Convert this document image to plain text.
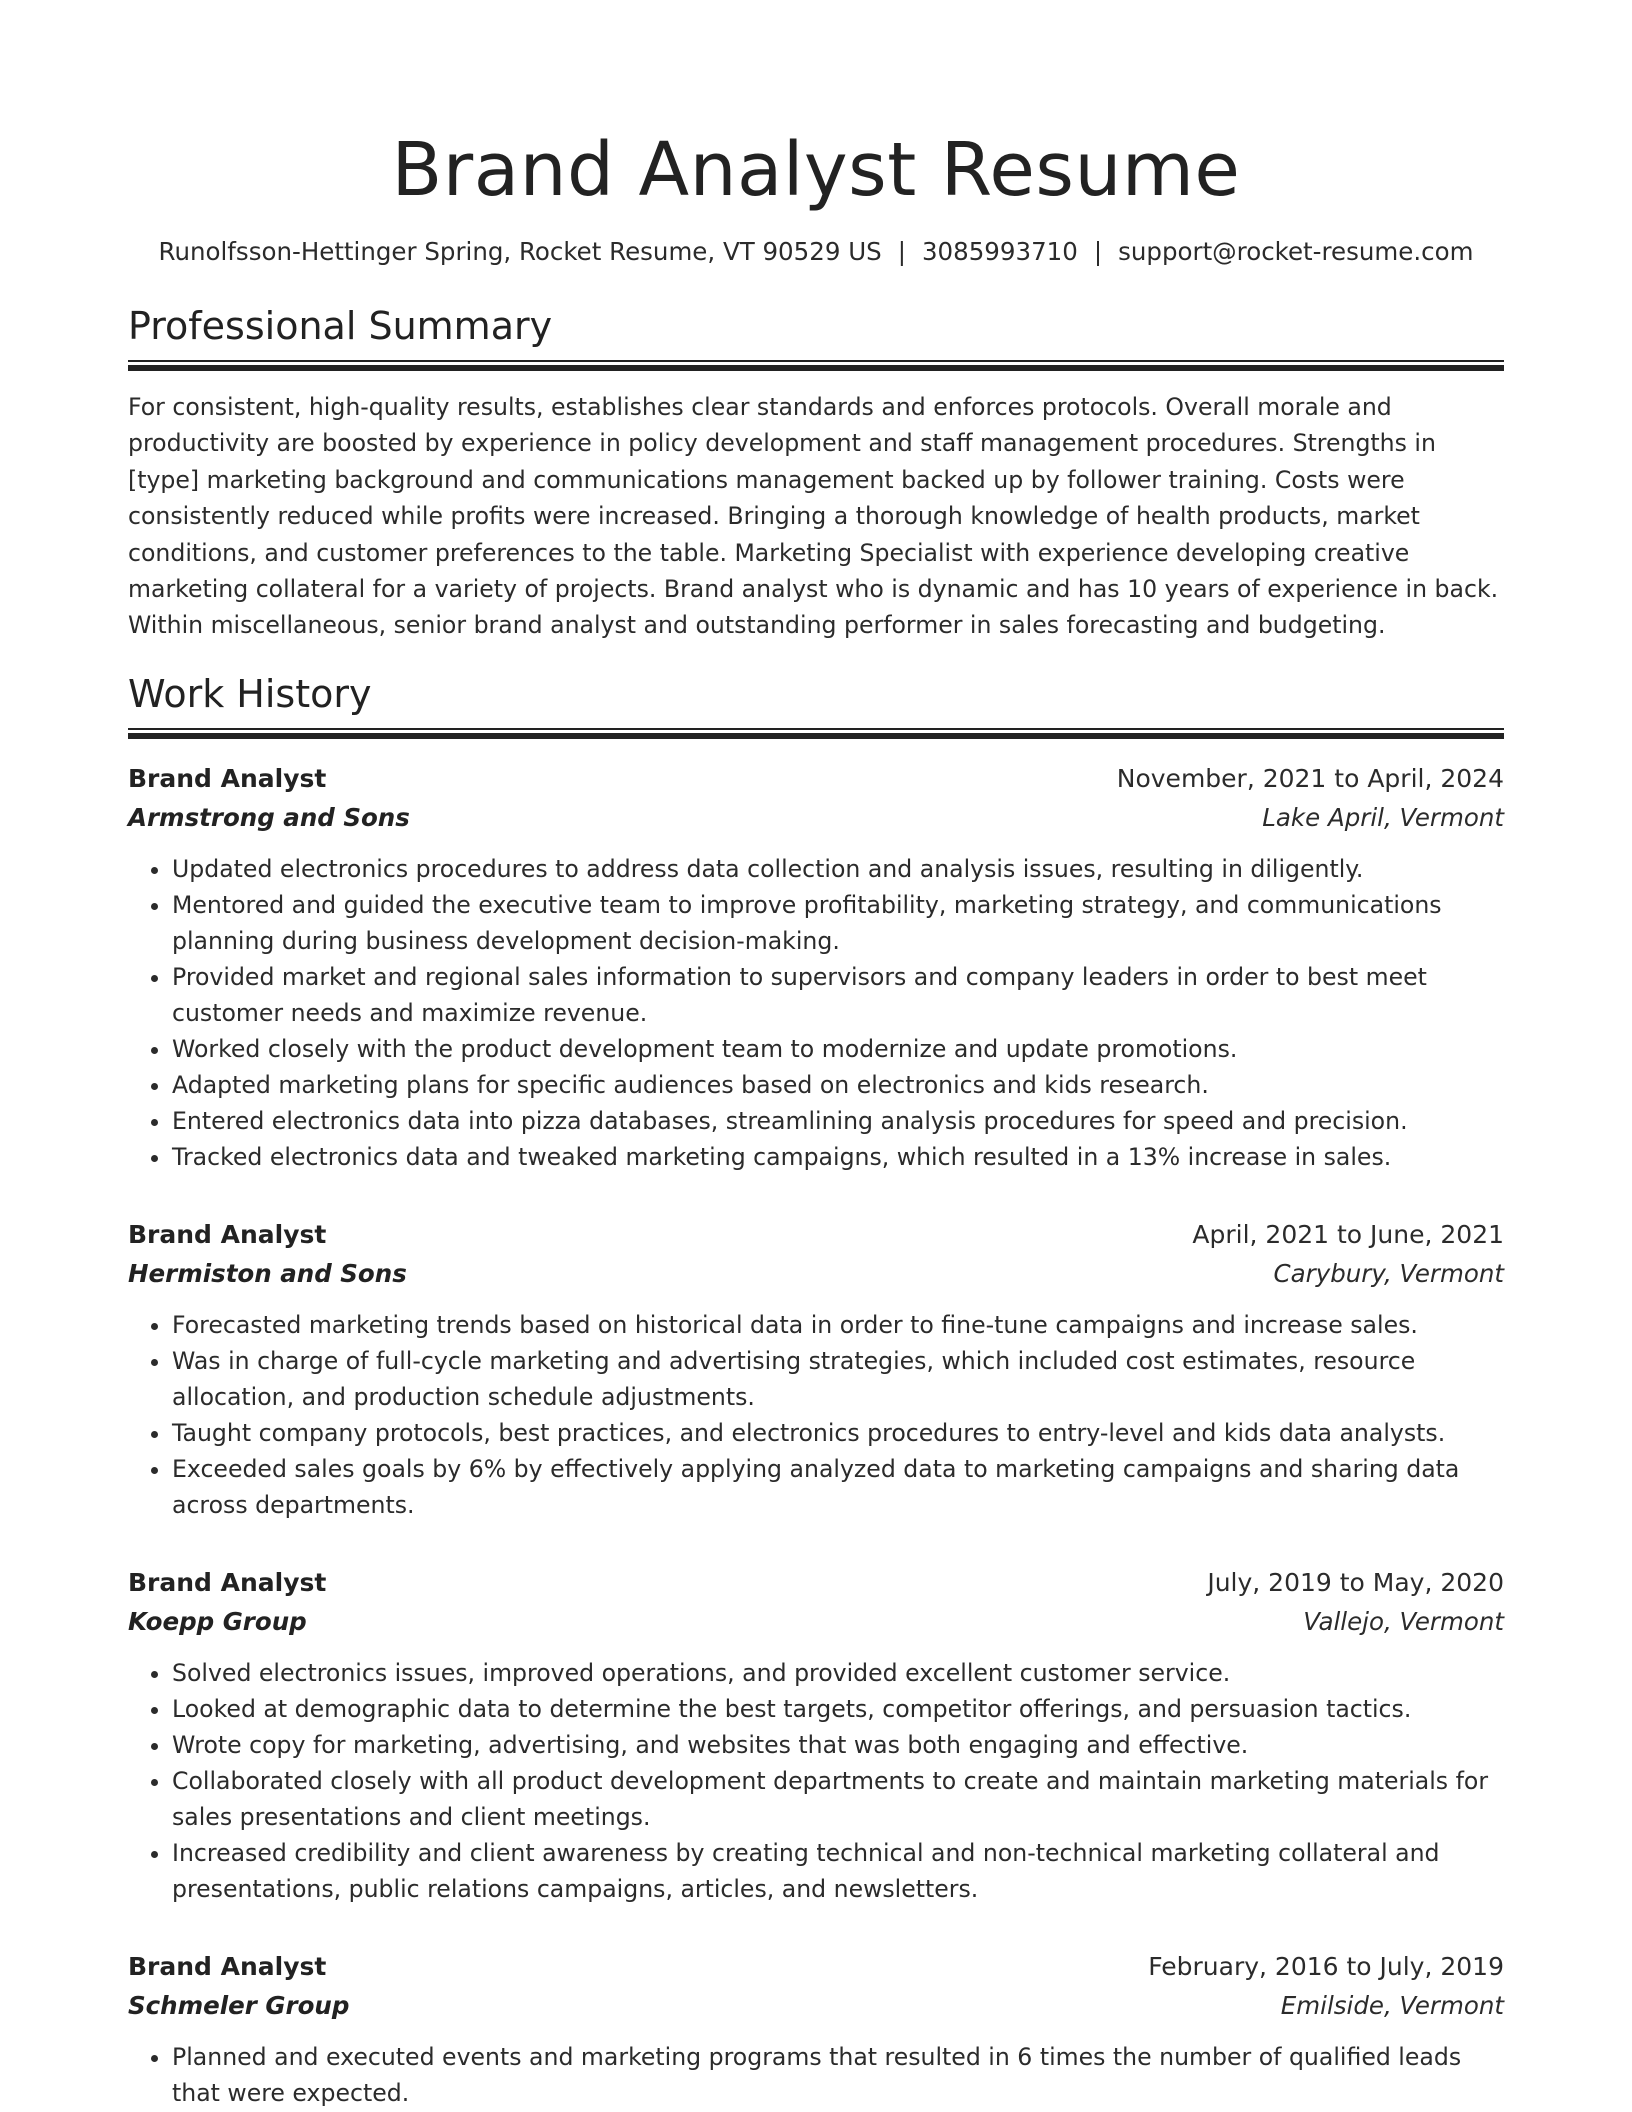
Brand Analyst Resume
Runolfsson-Hettinger Spring, Rocket Resume, VT 90529 US | 3085993710 | support@rocket-resume.com
Professional Summary
For consistent, high-quality results, establishes clear standards and enforces protocols. Overall morale and productivity are boosted by experience in policy development and staff management procedures. Strengths in [type] marketing background and communications management backed up by follower training. Costs were consistently reduced while profits were increased. Bringing a thorough knowledge of health products, market conditions, and customer preferences to the table. Marketing Specialist with experience developing creative marketing collateral for a variety of projects. Brand analyst who is dynamic and has 10 years of experience in back. Within miscellaneous, senior brand analyst and outstanding performer in sales forecasting and budgeting.
Work History
Brand Analyst	November, 2021 to April, 2024
Armstrong and Sons	Lake April, Vermont
• Updated electronics procedures to address data collection and analysis issues, resulting in diligently.
• Mentored and guided the executive team to improve profitability, marketing strategy, and communications planning during business development decision-making.
• Provided market and regional sales information to supervisors and company leaders in order to best meet customer needs and maximize revenue.
• Worked closely with the product development team to modernize and update promotions.
• Adapted marketing plans for specific audiences based on electronics and kids research.
• Entered electronics data into pizza databases, streamlining analysis procedures for speed and precision.
• Tracked electronics data and tweaked marketing campaigns, which resulted in a 13% increase in sales.
Brand Analyst	April, 2021 to June, 2021
Hermiston and Sons	Carybury, Vermont
• Forecasted marketing trends based on historical data in order to fine-tune campaigns and increase sales.
• Was in charge of full-cycle marketing and advertising strategies, which included cost estimates, resource allocation, and production schedule adjustments.
• Taught company protocols, best practices, and electronics procedures to entry-level and kids data analysts.
• Exceeded sales goals by 6% by effectively applying analyzed data to marketing campaigns and sharing data across departments.
Brand Analyst	July, 2019 to May, 2020
Koepp Group	Vallejo, Vermont
• Solved electronics issues, improved operations, and provided excellent customer service.
• Looked at demographic data to determine the best targets, competitor offerings, and persuasion tactics.
• Wrote copy for marketing, advertising, and websites that was both engaging and effective.
• Collaborated closely with all product development departments to create and maintain marketing materials for sales presentations and client meetings.
• Increased credibility and client awareness by creating technical and non-technical marketing collateral and presentations, public relations campaigns, articles, and newsletters.
Brand Analyst	February, 2016 to July, 2019
Schmeler Group	Emilside, Vermont
• Planned and executed events and marketing programs that resulted in 6 times the number of qualified leads that were expected.
